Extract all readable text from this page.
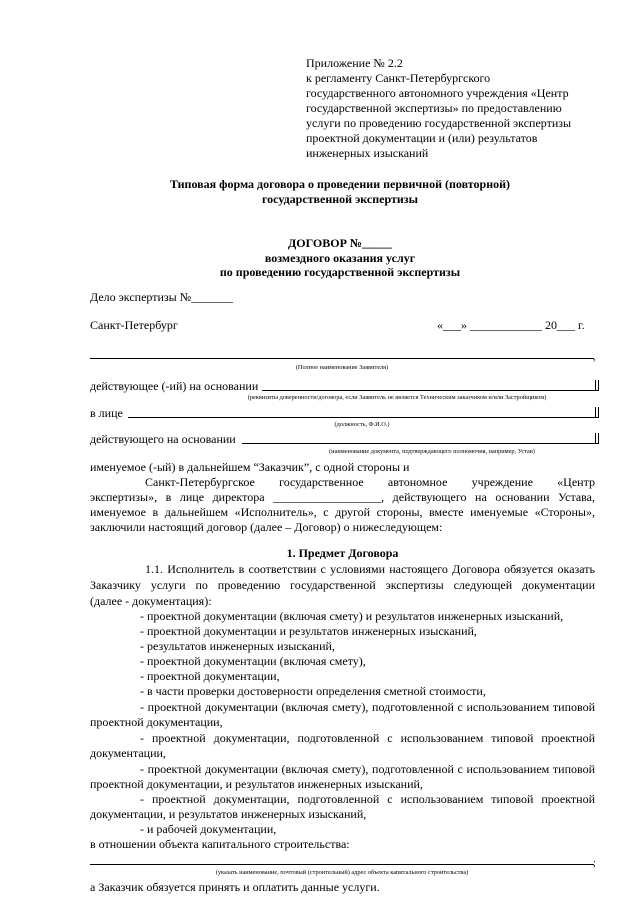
Приложение № 2.2
к регламенту Санкт-Петербургского
государственного автономного учреждения «Центр
государственной экспертизы» по предоставлению
услуги по проведению государственной экспертизы
проектной документации и (или) результатов
инженерных изысканий
Типовая форма договора о проведении первичной (повторной)
государственной экспертизы
ДОГОВОР №_____
возмездного оказания услуг
по проведению государственной экспертизы
Дело экспертизы №_______
Санкт-Петербург	«___» ____________ 20___ г.
,
(Полное наименование Заявителя)
действующее (-ий) на основании
(реквизиты доверенности/договора, если Заявитель не является Техническим заказчиком и/или Застройщиком)
в лице
(должность, Ф.И.О.)
действующего на основании
(наименование документа, подтверждающего полномочия, например, Устав)
именуемое (-ый) в дальнейшем “Заказчик”, с одной стороны и
Санкт-Петербургское государственное автономное учреждение «Центр
экспертизы», в лице директора __________________, действующего на основании Устава,
именуемое в дальнейшем «Исполнитель», с другой стороны, вместе именуемые «Стороны»,
заключили настоящий договор (далее – Договор) о нижеследующем:
1. Предмет Договора
1.1. Исполнитель в соответствии с условиями настоящего Договора обязуется оказать
Заказчику услуги по проведению государственной экспертизы следующей документации
(далее - документация):
- проектной документации (включая смету) и результатов инженерных изысканий,
- проектной документации и результатов инженерных изысканий,
- результатов инженерных изысканий,
- проектной документации (включая смету),
- проектной документации,
- в части проверки достоверности определения сметной стоимости,
- проектной документации (включая смету), подготовленной с использованием типовой
проектной документации,
- проектной документации, подготовленной с использованием типовой проектной
документации,
- проектной документации (включая смету), подготовленной с использованием типовой
проектной документации, и результатов инженерных изысканий,
- проектной документации, подготовленной с использованием типовой проектной
документации, и результатов инженерных изысканий,
- и рабочей документации,
в отношении объекта капитального строительства:
;
(указать наименование, почтовый (строительный) адрес объекта капитального строительства)
а Заказчик обязуется принять и оплатить данные услуги.
